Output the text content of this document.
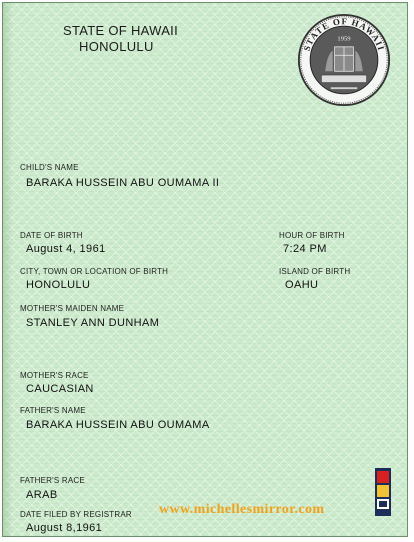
STATE OF HAWAII
HONOLULU	STATE OF HAWAII
1959
CHILD'S NAME
BARAKA HUSSEIN ABU OUMAMA II
DATE OF BIRTH
August 4, 1961
HOUR OF BIRTH
7:24 PM
CITY, TOWN OR LOCATION OF BIRTH
HONOLULU
ISLAND OF BIRTH
OAHU
MOTHER'S MAIDEN NAME
STANLEY ANN DUNHAM
MOTHER'S RACE
CAUCASIAN
FATHER'S NAME
BARAKA HUSSEIN ABU OUMAMA
FATHER'S RACE
ARAB
DATE FILED BY REGISTRAR
August 8,1961
www.michellesmirror.com
